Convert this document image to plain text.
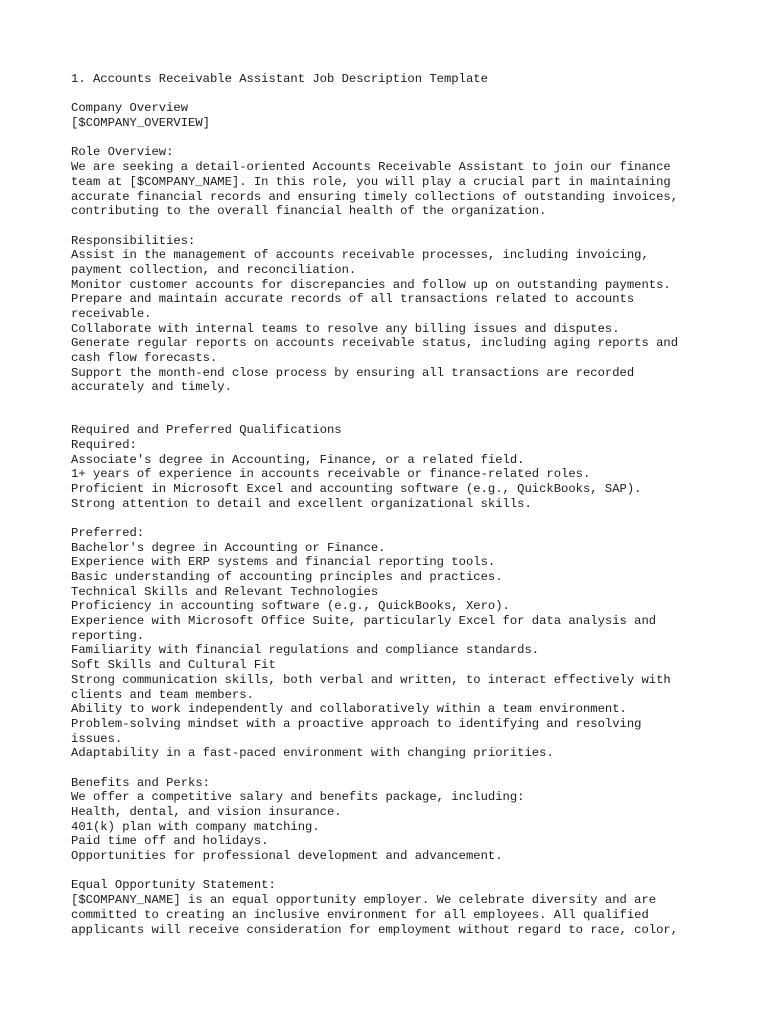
1. Accounts Receivable Assistant Job Description Template
Company Overview
[$COMPANY_OVERVIEW]
Role Overview:
We are seeking a detail-oriented Accounts Receivable Assistant to join our finance
team at [$COMPANY_NAME]. In this role, you will play a crucial part in maintaining
accurate financial records and ensuring timely collections of outstanding invoices,
contributing to the overall financial health of the organization.
Responsibilities:
Assist in the management of accounts receivable processes, including invoicing,
payment collection, and reconciliation.
Monitor customer accounts for discrepancies and follow up on outstanding payments.
Prepare and maintain accurate records of all transactions related to accounts
receivable.
Collaborate with internal teams to resolve any billing issues and disputes.
Generate regular reports on accounts receivable status, including aging reports and
cash flow forecasts.
Support the month-end close process by ensuring all transactions are recorded
accurately and timely.
Required and Preferred Qualifications
Required:
Associate's degree in Accounting, Finance, or a related field.
1+ years of experience in accounts receivable or finance-related roles.
Proficient in Microsoft Excel and accounting software (e.g., QuickBooks, SAP).
Strong attention to detail and excellent organizational skills.
Preferred:
Bachelor's degree in Accounting or Finance.
Experience with ERP systems and financial reporting tools.
Basic understanding of accounting principles and practices.
Technical Skills and Relevant Technologies
Proficiency in accounting software (e.g., QuickBooks, Xero).
Experience with Microsoft Office Suite, particularly Excel for data analysis and
reporting.
Familiarity with financial regulations and compliance standards.
Soft Skills and Cultural Fit
Strong communication skills, both verbal and written, to interact effectively with
clients and team members.
Ability to work independently and collaboratively within a team environment.
Problem-solving mindset with a proactive approach to identifying and resolving
issues.
Adaptability in a fast-paced environment with changing priorities.
Benefits and Perks:
We offer a competitive salary and benefits package, including:
Health, dental, and vision insurance.
401(k) plan with company matching.
Paid time off and holidays.
Opportunities for professional development and advancement.
Equal Opportunity Statement:
[$COMPANY_NAME] is an equal opportunity employer. We celebrate diversity and are
committed to creating an inclusive environment for all employees. All qualified
applicants will receive consideration for employment without regard to race, color,
